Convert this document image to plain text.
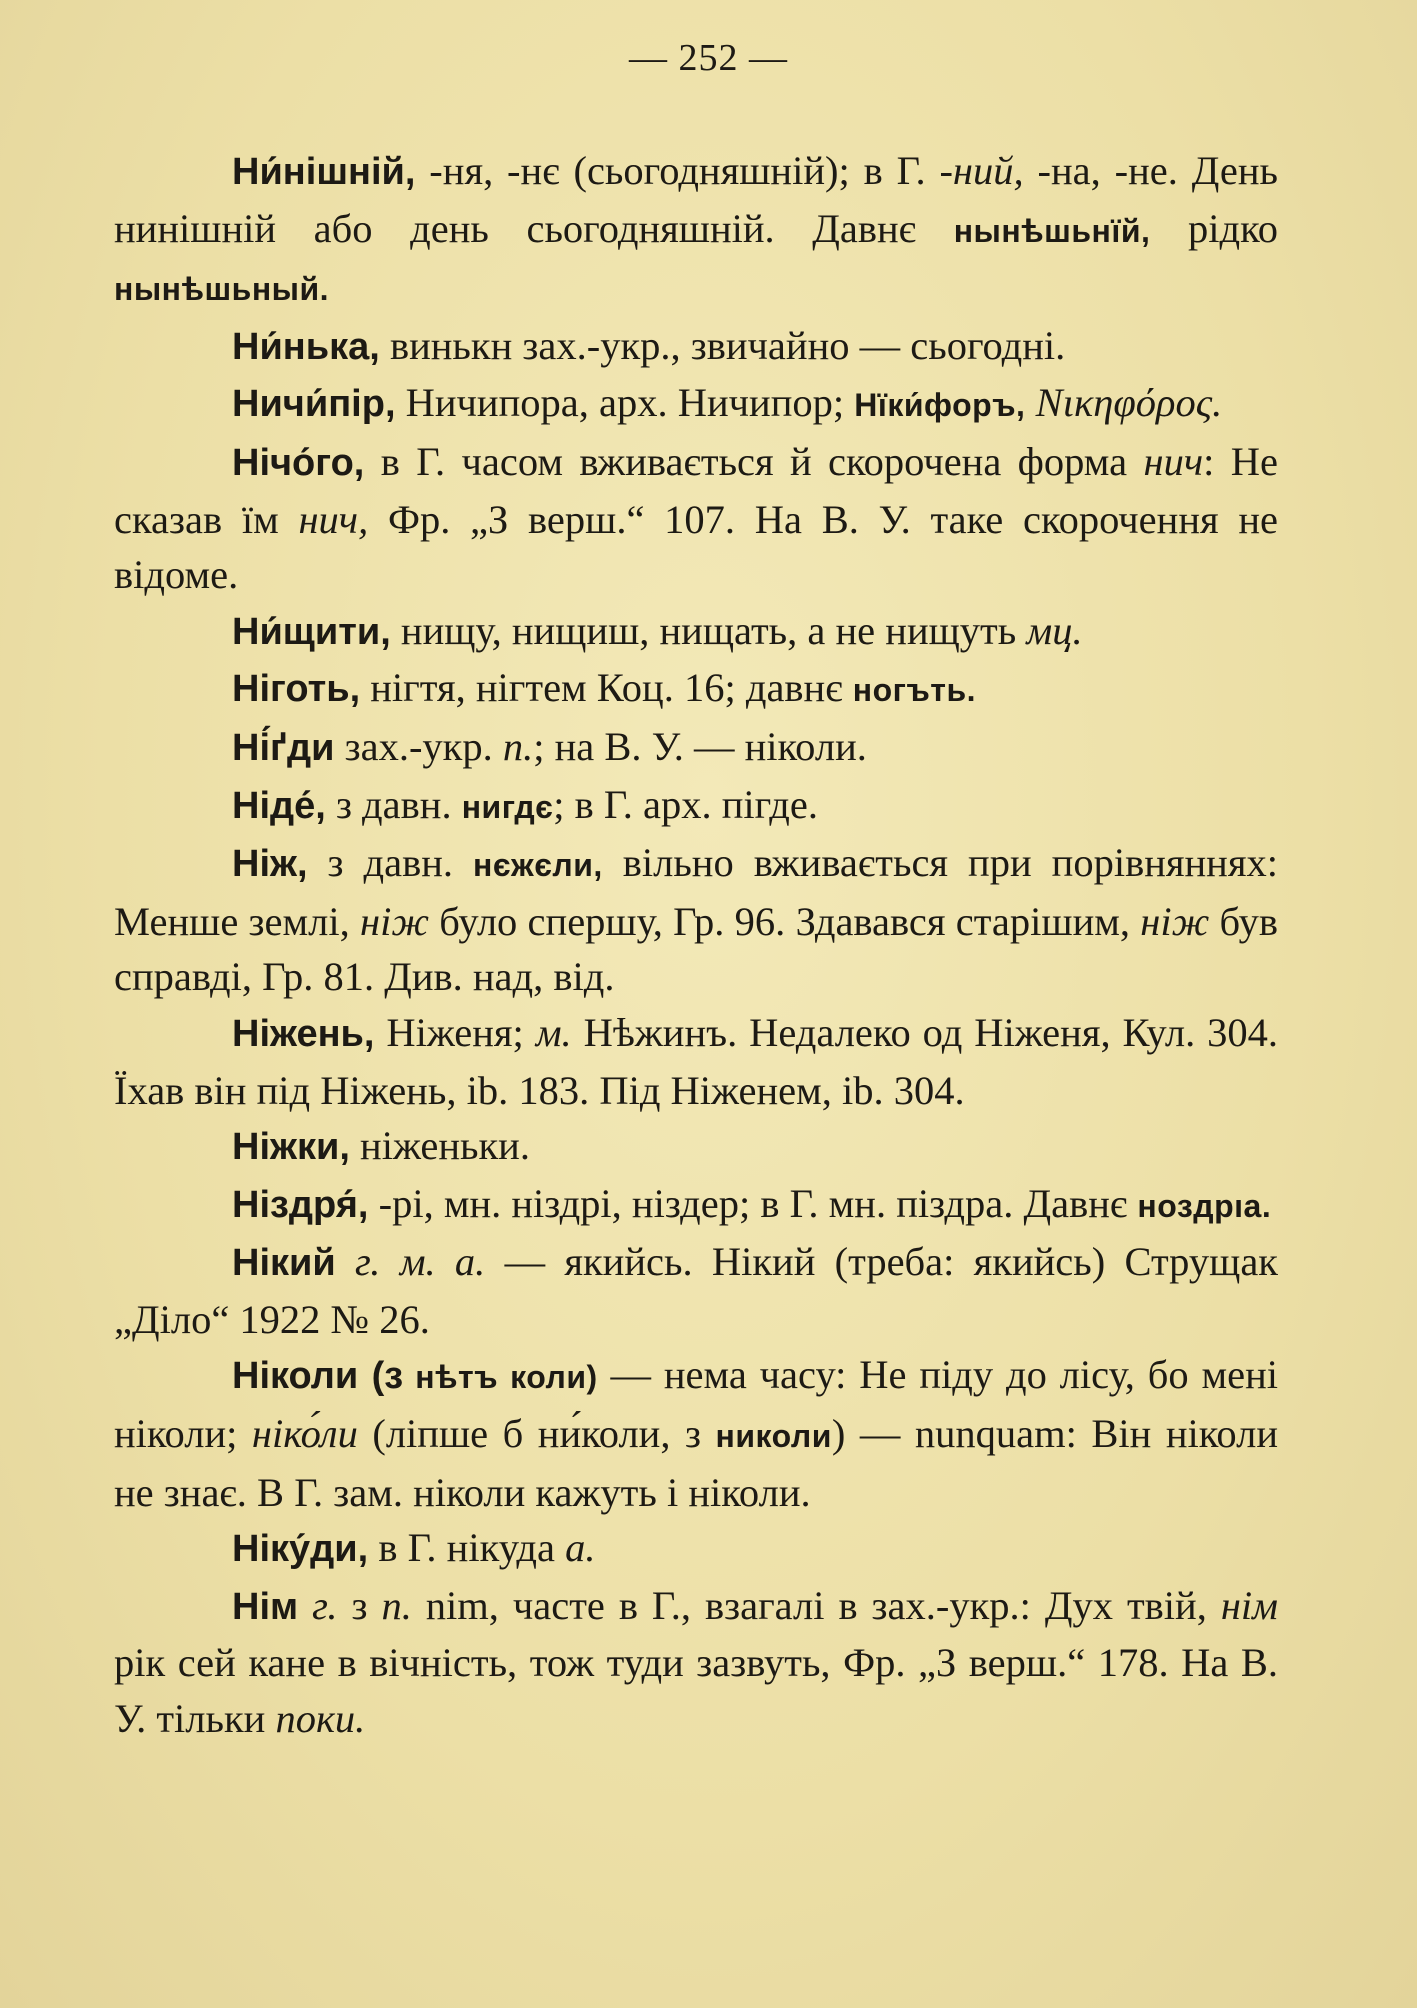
— 252 —

Ни́нішній, -ня, -нє (сьогодняшній); в Г. -ний, -на, -не. День нинішній або день сьогодняшній. Давнє нынѣшьнїй, рідко нынѣшьный.

Ни́нька, винькн зах.-укр., звичайно — сьогодні.

Ничи́пір, Ничипора, арх. Ничипор; Нїки́форъ, Νικηφόρος.

Нічо́го, в Г. часом вживається й скорочена форма нич: Не сказав їм нич, Фр. „З верш.“ 107. На В. У. таке скорочення не відоме.

Ни́щити, нищу, нищиш, нищать, а не нищуть мц.

Ніготь, нігтя, нігтем Коц. 16; давнє ногъть.

Ні́ґди зах.-укр. п.; на В. У. — ніколи.

Ніде́, з давн. нигдє; в Г. арх. пігде.

Ніж, з давн. нєжєли, вільно вживається при порівняннях: Менше землі, ніж було спершу, Гр. 96. Здавався старішим, ніж був справді, Гр. 81. Див. над, від.

Ніжень, Ніженя; м. Нѣжинъ. Недалеко од Ніженя, Кул. 304. Їхав він під Ніжень, ib. 183. Під Ніженем, ib. 304.

Ніжки, ніженьки.

Ніздря́, -рі, мн. ніздрі, ніздер; в Г. мн. піздра. Давнє ноздрıа.

Нікий г. м. а. — якийсь. Нікий (треба: якийсь) Струщак „Діло“ 1922 № 26.

Ніколи (з нѣтъ коли) — нема часу: Не піду до лісу, бо мені ніколи; ніко́ли (ліпше б ни́коли, з николи) — nunquam: Він ніколи не знає. В Г. зам. ніколи кажуть і ніколи.

Ніку́ди, в Г. нікуда а.

Нім г. з п. nim, часте в Г., взагалі в зах.-укр.: Дух твій, нім рік сей кане в вічність, тож туди зазвуть, Фр. „З верш.“ 178. На В. У. тільки поки.
